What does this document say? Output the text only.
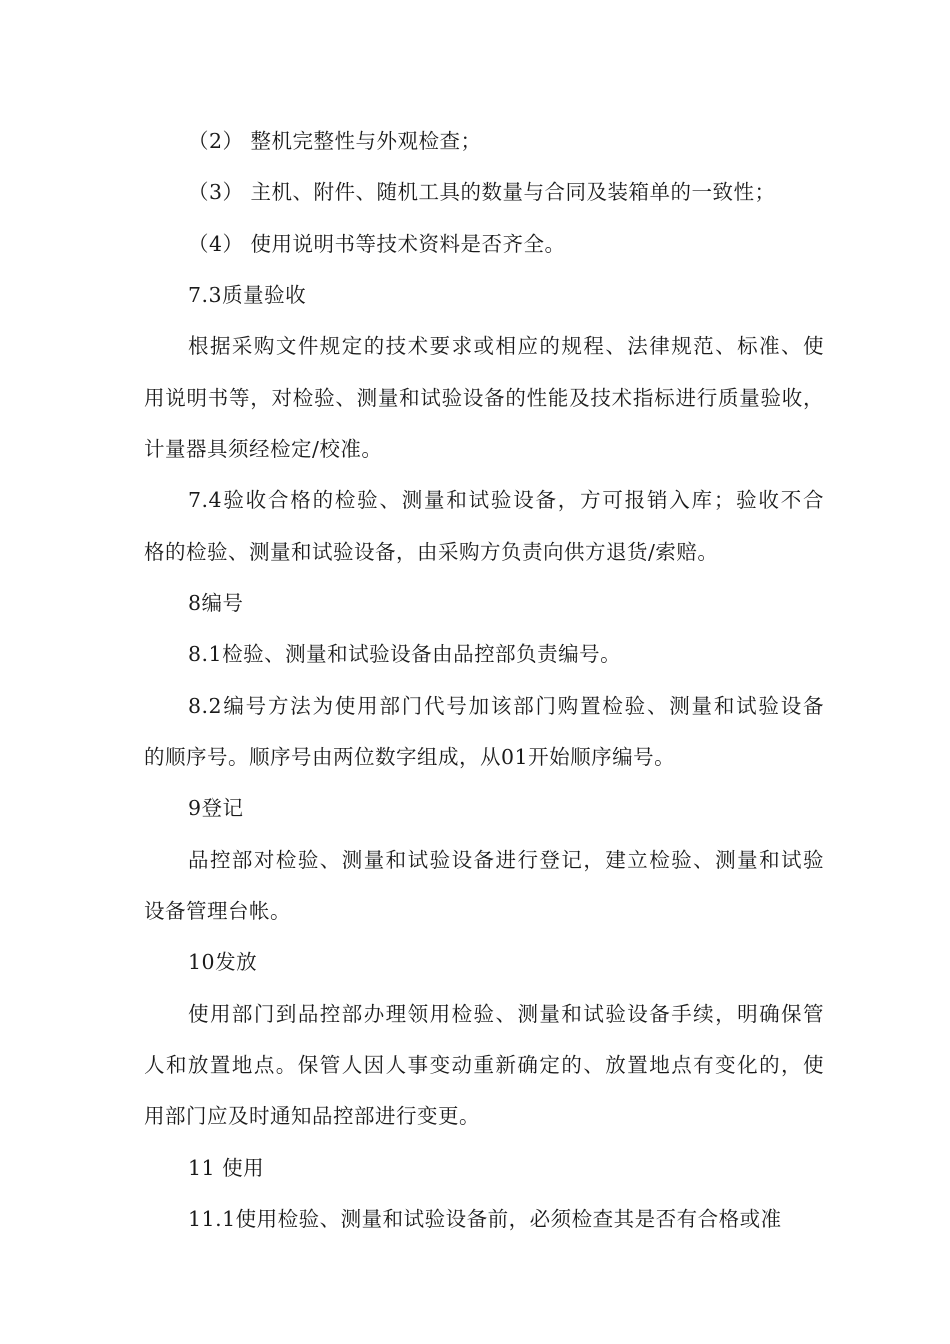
（2） 整机完整性与外观检查；
（3） 主机、附件、随机工具的数量与合同及装箱单的一致性；
（4） 使用说明书等技术资料是否齐全。
7.3质量验收
根据采购文件规定的技术要求或相应的规程、法律规范、标准、使
用说明书等，对检验、测量和试验设备的性能及技术指标进行质量验收，
计量器具须经检定/校准。
7.4验收合格的检验、测量和试验设备，方可报销入库；验收不合
格的检验、测量和试验设备，由采购方负责向供方退货/索赔。
8编号
8.1检验、测量和试验设备由品控部负责编号。
8.2编号方法为使用部门代号加该部门购置检验、测量和试验设备
的顺序号。顺序号由两位数字组成，从01开始顺序编号。
9登记
品控部对检验、测量和试验设备进行登记，建立检验、测量和试验
设备管理台帐。
10发放
使用部门到品控部办理领用检验、测量和试验设备手续，明确保管
人和放置地点。保管人因人事变动重新确定的、放置地点有变化的，使
用部门应及时通知品控部进行变更。
11 使用
11.1使用检验、测量和试验设备前，必须检查其是否有合格或准
